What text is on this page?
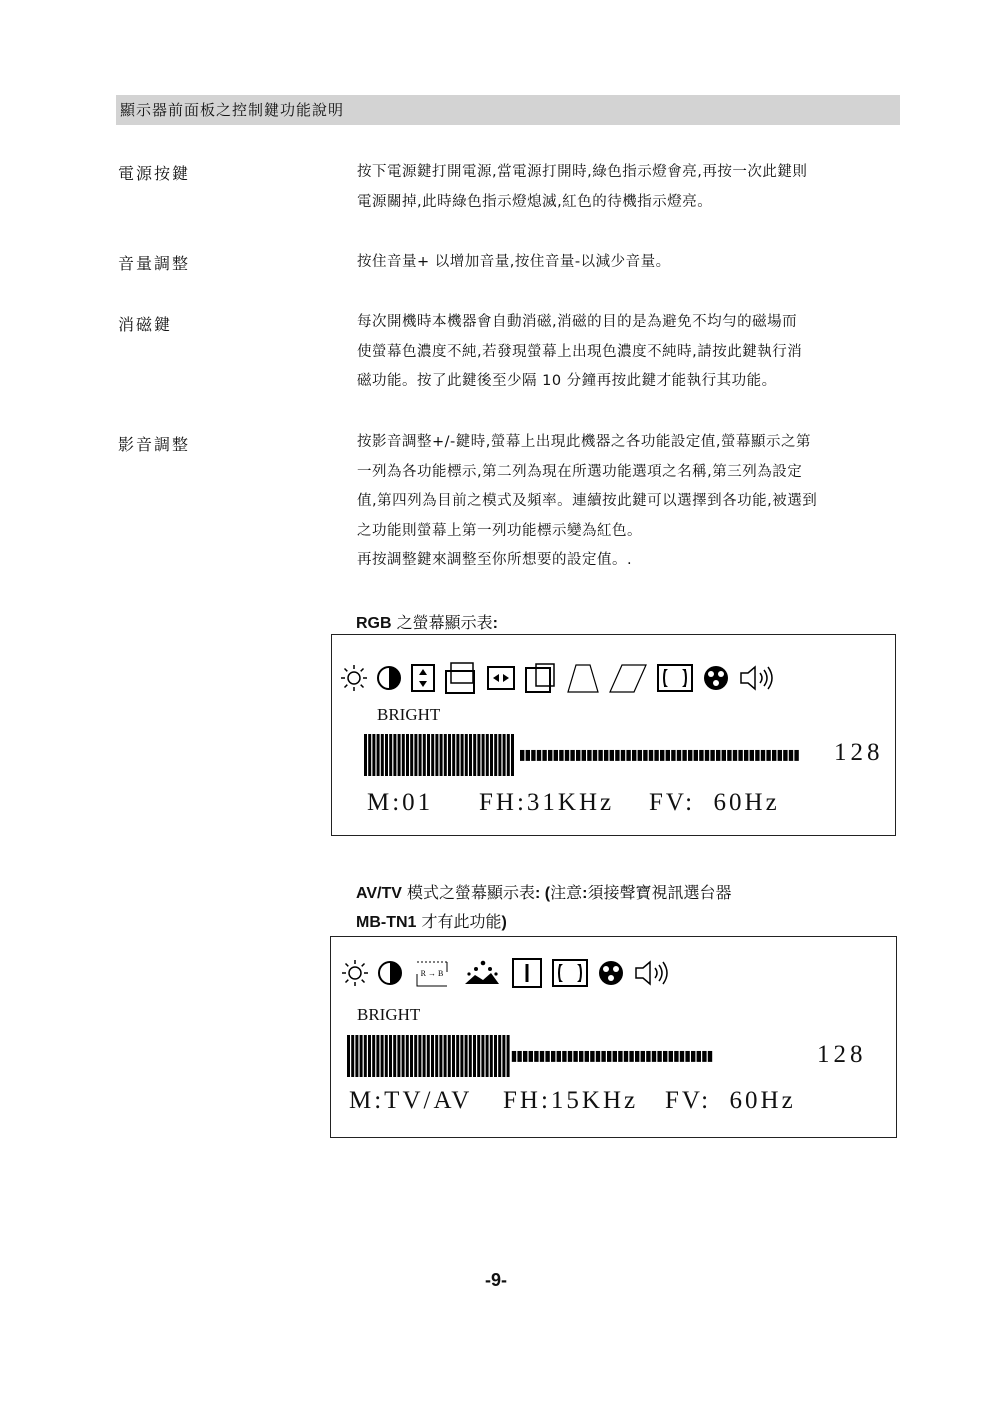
顯示器前面板之控制鍵功能說明
電源按鍵	按下電源鍵打開電源,當電源打開時,綠色指示燈會亮,再按一次此鍵則
電源關掉,此時綠色指示燈熄滅,紅色的待機指示燈亮。
音量調整	按住音量+ 以增加音量,按住音量-以減少音量。
消磁鍵	每次開機時本機器會自動消磁,消磁的目的是為避免不均勻的磁場而
使螢幕色濃度不純,若發現螢幕上出現色濃度不純時,請按此鍵執行消
磁功能。按了此鍵後至少隔 10 分鐘再按此鍵才能執行其功能。
影音調整	按影音調整+/-鍵時,螢幕上出現此機器之各功能設定值,螢幕顯示之第
一列為各功能標示,第二列為現在所選功能選項之名稱,第三列為設定
值,第四列為目前之模式及頻率。連續按此鍵可以選擇到各功能,被選到
之功能則螢幕上第一列功能標示變為紅色。
再按調整鍵來調整至你所想要的設定值。.
RGB 之螢幕顯示表:
BRIGHT
128
M:01 FH:31KHz FV:  60Hz
AV/TV 模式之螢幕顯示表: (注意:須接聲寶視訊選台器
MB-TN1 才有此功能)
R → B
BRIGHT
128
M:TV/AV FH:15KHz FV:  60Hz
-9-
